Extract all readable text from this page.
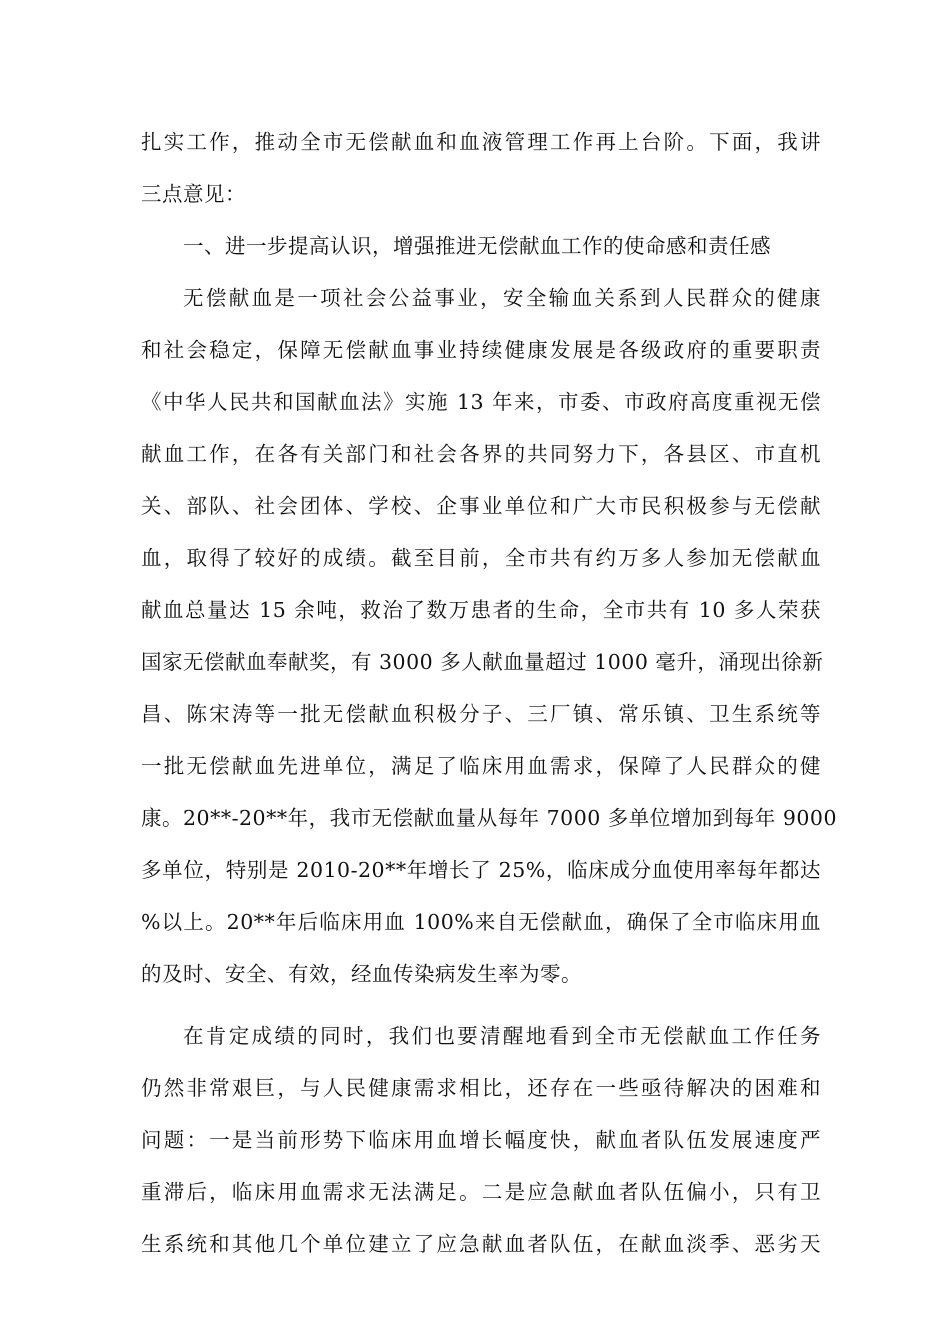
扎实工作，推动全市无偿献血和血液管理工作再上台阶。下面，我讲
三点意见：
一、进一步提高认识，增强推进无偿献血工作的使命感和责任感
无偿献血是一项社会公益事业，安全输血关系到人民群众的健康
和社会稳定，保障无偿献血事业持续健康发展是各级政府的重要职责
《中华人民共和国献血法》实施 13 年来，市委、市政府高度重视无偿
献血工作，在各有关部门和社会各界的共同努力下，各县区、市直机
关、部队、社会团体、学校、企事业单位和广大市民积极参与无偿献
血，取得了较好的成绩。截至目前，全市共有约万多人参加无偿献血
献血总量达 15 余吨，救治了数万患者的生命，全市共有 10 多人荣获
国家无偿献血奉献奖，有 3000 多人献血量超过 1000 毫升，涌现出徐新
昌、陈宋涛等一批无偿献血积极分子、三厂镇、常乐镇、卫生系统等
一批无偿献血先进单位，满足了临床用血需求，保障了人民群众的健
康。20**-20**年，我市无偿献血量从每年 7000 多单位增加到每年 9000
多单位，特别是 2010-20**年增长了 25%，临床成分血使用率每年都达
%以上。20**年后临床用血 100%来自无偿献血，确保了全市临床用血
的及时、安全、有效，经血传染病发生率为零。
在肯定成绩的同时，我们也要清醒地看到全市无偿献血工作任务
仍然非常艰巨，与人民健康需求相比，还存在一些亟待解决的困难和
问题：一是当前形势下临床用血增长幅度快，献血者队伍发展速度严
重滞后，临床用血需求无法满足。二是应急献血者队伍偏小，只有卫
生系统和其他几个单位建立了应急献血者队伍，在献血淡季、恶劣天
